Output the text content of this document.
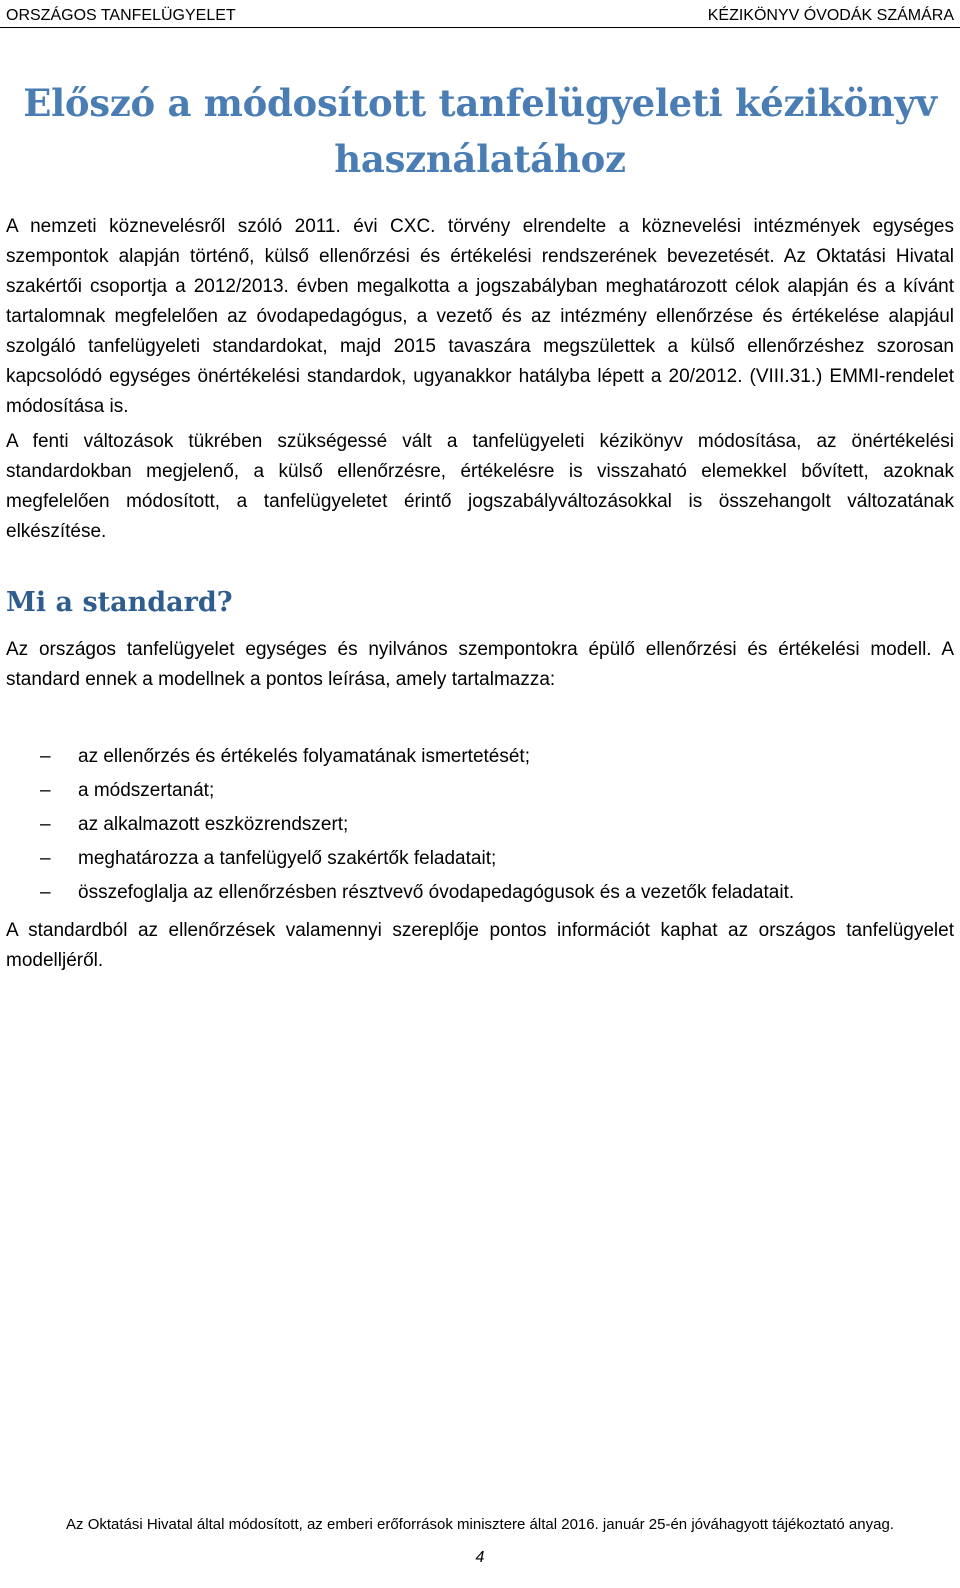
ORSZÁGOS TANFELÜGYELET	KÉZIKÖNYV ÓVODÁK SZÁMÁRA
Előszó a módosított tanfelügyeleti kézikönyv
használatához

A nemzeti köznevelésről szóló 2011. évi CXC. törvény elrendelte a köznevelési intézmények egységes szempontok alapján történő, külső ellenőrzési és értékelési rendszerének bevezetését. Az Oktatási Hivatal szakértői csoportja a 2012/2013. évben megalkotta a jogszabályban meghatározott célok alapján és a kívánt tartalomnak megfelelően az óvodapedagógus, a vezető és az intézmény ellenőrzése és értékelése alapjául szolgáló tanfelügyeleti standardokat, majd 2015 tavaszára megszülettek a külső ellenőrzéshez szorosan kapcsolódó egységes önértékelési standardok, ugyanakkor hatályba lépett a 20/2012. (VIII.31.) EMMI-rendelet módosítása is.

A fenti változások tükrében szükségessé vált a tanfelügyeleti kézikönyv módosítása, az önértékelési standardokban megjelenő, a külső ellenőrzésre, értékelésre is visszaható elemekkel bővített, azoknak megfelelően módosított, a tanfelügyeletet érintő jogszabályváltozásokkal is összehangolt változatának elkészítése.

Mi a standard?

Az országos tanfelügyelet egységes és nyilvános szempontokra épülő ellenőrzési és értékelési modell. A standard ennek a modellnek a pontos leírása, amely tartalmazza:

– az ellenőrzés és értékelés folyamatának ismertetését;
– a módszertanát;
– az alkalmazott eszközrendszert;
– meghatározza a tanfelügyelő szakértők feladatait;
– összefoglalja az ellenőrzésben résztvevő óvodapedagógusok és a vezetők feladatait.

A standardból az ellenőrzések valamennyi szereplője pontos információt kaphat az országos tanfelügyelet modelljéről.

Az Oktatási Hivatal által módosított, az emberi erőforrások minisztere által 2016. január 25-én jóváhagyott tájékoztató anyag.
4
